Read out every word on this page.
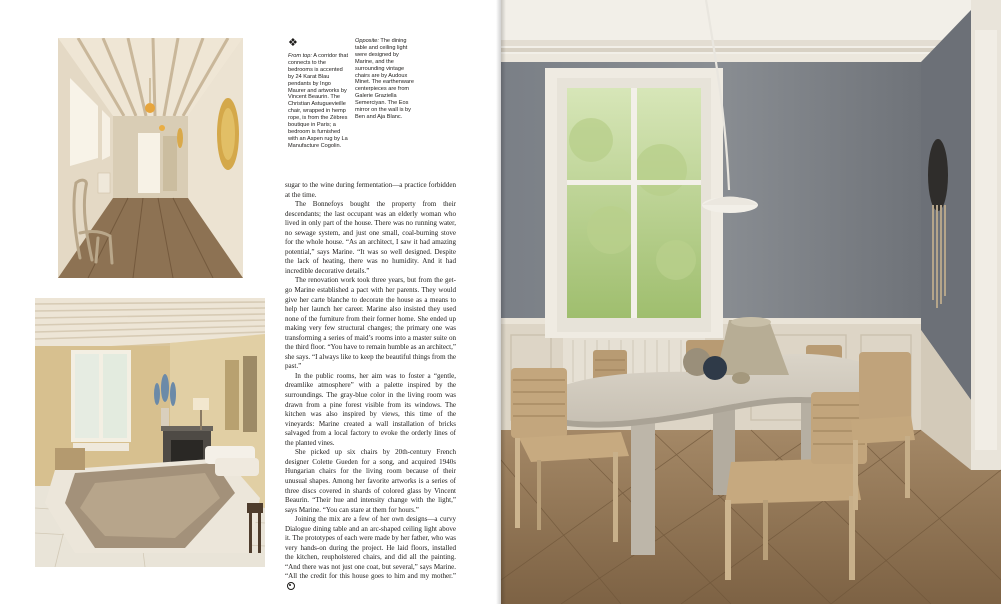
❖
From top: A corridor that connects to the bedrooms is accented by 24 Karat Blau pendants by Ingo Maurer and artworks by Vincent Beaurin. The Christian Astuguevieille chair, wrapped in hemp rope, is from the Zèbres boutique in Paris; a bedroom is furnished with an Aspen rug by La Manufacture Cogolin.
Opposite: The dining table and ceiling light were designed by Marine, and the surrounding vintage chairs are by Audoux Minet. The earthenware centerpieces are from Galerie Graziella Semerciyan. The Eos mirror on the wall is by Ben and Aja Blanc.

sugar to the wine during fermentation—a practice forbidden at the time.

The Bonnefoys bought the property from their descendants; the last occupant was an elderly woman who lived in only part of the house. There was no running water, no sewage system, and just one small, coal-burning stove for the whole house. “As an architect, I saw it had amazing potential,” says Marine. “It was so well designed. Despite the lack of heating, there was no humidity. And it had incredible decorative details.”

The renovation work took three years, but from the get-go Marine established a pact with her parents. They would give her carte blanche to decorate the house as a means to help her launch her career. Marine also insisted they used none of the furniture from their former home. She ended up making very few structural changes; the primary one was transforming a series of maid’s rooms into a master suite on the third floor. “You have to remain humble as an architect,” she says. “I always like to keep the beautiful things from the past.”

In the public rooms, her aim was to foster a “gentle, dreamlike atmosphere” with a palette inspired by the surroundings. The gray-blue color in the living room was drawn from a pine forest visible from its windows. The kitchen was also inspired by views, this time of the vineyards: Marine created a wall installation of bricks salvaged from a local factory to evoke the orderly lines of the planted vines.

She picked up six chairs by 20th-century French designer Colette Gueden for a song, and acquired 1940s Hungarian chairs for the living room because of their unusual shapes. Among her favorite artworks is a series of three discs covered in shards of colored glass by Vincent Beaurin. “Their hue and intensity change with the light,” says Marine. “You can stare at them for hours.”

Joining the mix are a few of her own designs—a curvy Dialogue dining table and an arc-shaped ceiling light above it. The prototypes of each were made by her father, who was very hands-on during the project. He laid floors, installed the kitchen, reupholstered chairs, and did all the painting. “And there was not just one coat, but several,” says Marine. “All the credit for this house goes to him and my mother.”
